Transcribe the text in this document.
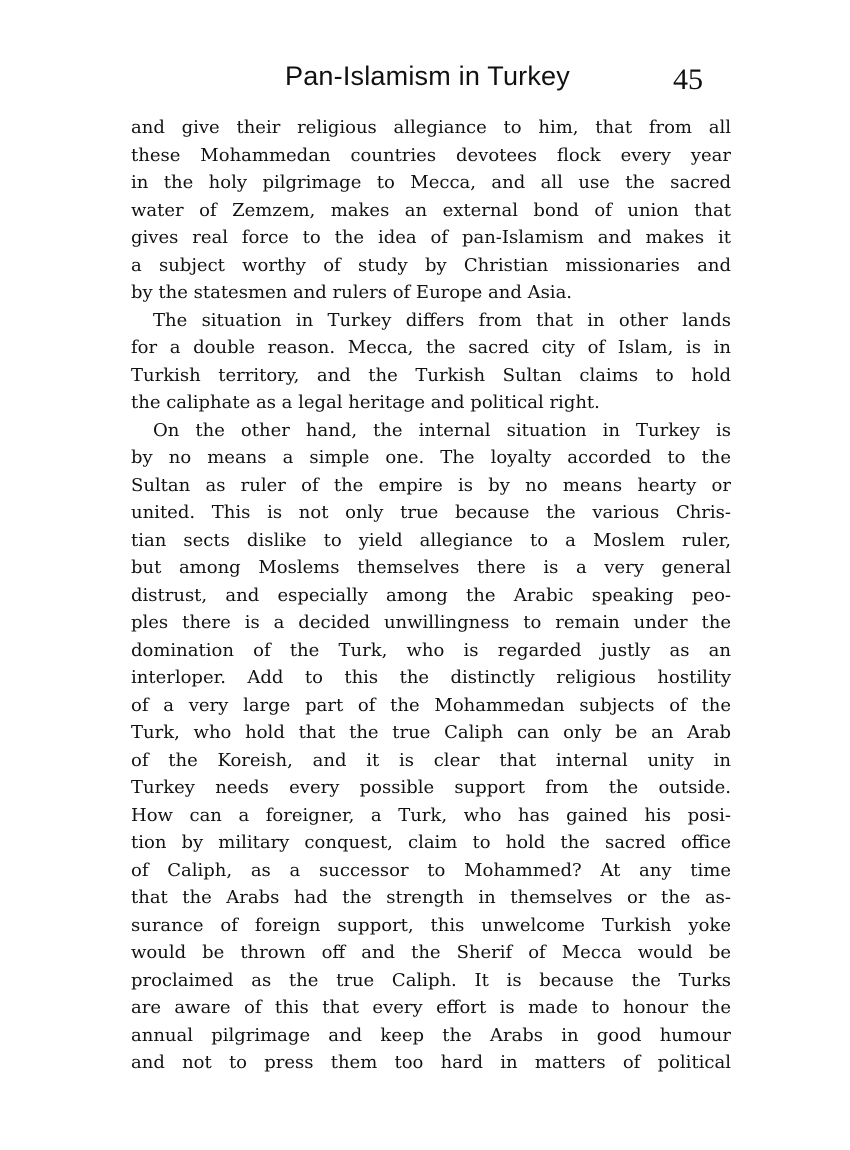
Pan-Islamism in Turkey	45
and give their religious allegiance to him, that from all
these Mohammedan countries devotees flock every year
in the holy pilgrimage to Mecca, and all use the sacred
water of Zemzem, makes an external bond of union that
gives real force to the idea of pan-Islamism and makes it
a subject worthy of study by Christian missionaries and
by the statesmen and rulers of Europe and Asia.
The situation in Turkey differs from that in other lands
for a double reason. Mecca, the sacred city of Islam, is in
Turkish territory, and the Turkish Sultan claims to hold
the caliphate as a legal heritage and political right.
On the other hand, the internal situation in Turkey is
by no means a simple one. The loyalty accorded to the
Sultan as ruler of the empire is by no means hearty or
united. This is not only true because the various Chris-
tian sects dislike to yield allegiance to a Moslem ruler,
but among Moslems themselves there is a very general
distrust, and especially among the Arabic speaking peo-
ples there is a decided unwillingness to remain under the
domination of the Turk, who is regarded justly as an
interloper. Add to this the distinctly religious hostility
of a very large part of the Mohammedan subjects of the
Turk, who hold that the true Caliph can only be an Arab
of the Koreish, and it is clear that internal unity in
Turkey needs every possible support from the outside.
How can a foreigner, a Turk, who has gained his posi-
tion by military conquest, claim to hold the sacred office
of Caliph, as a successor to Mohammed? At any time
that the Arabs had the strength in themselves or the as-
surance of foreign support, this unwelcome Turkish yoke
would be thrown off and the Sherif of Mecca would be
proclaimed as the true Caliph. It is because the Turks
are aware of this that every effort is made to honour the
annual pilgrimage and keep the Arabs in good humour
and not to press them too hard in matters of political
